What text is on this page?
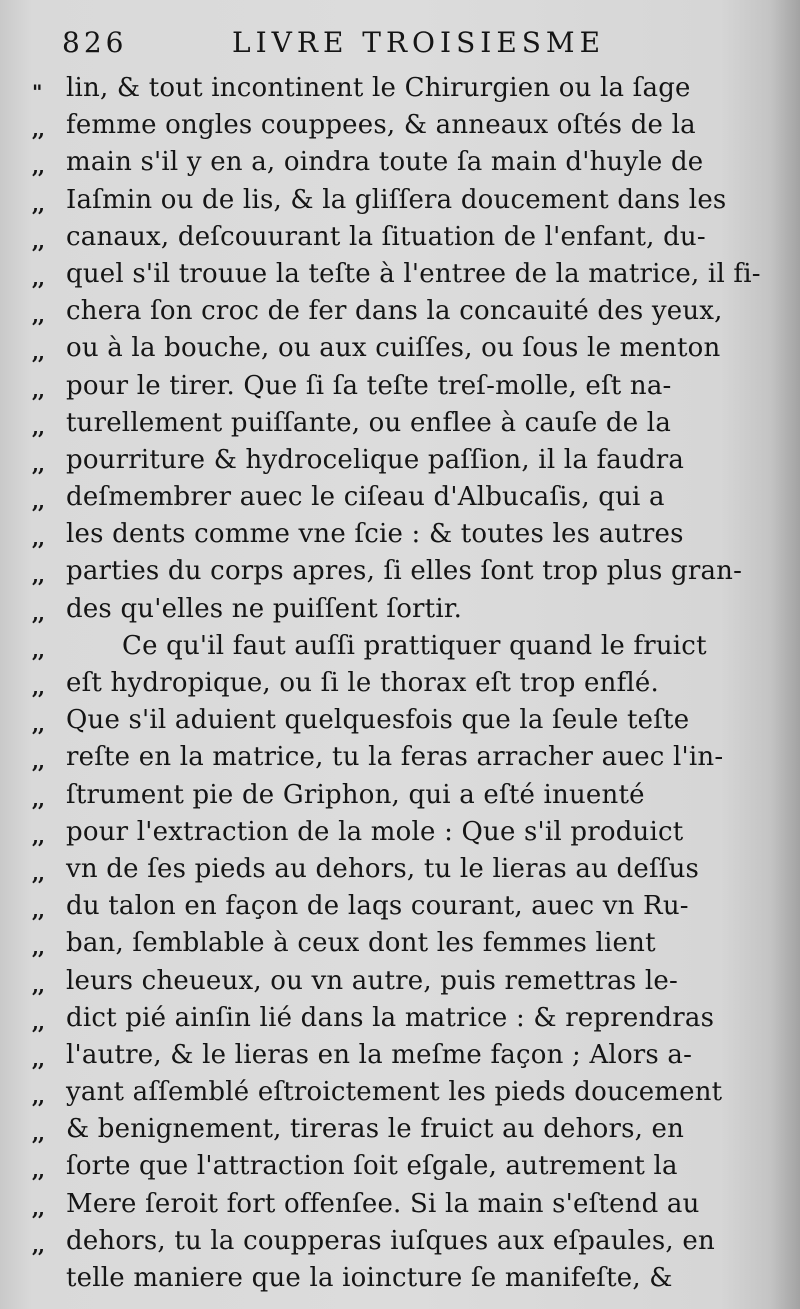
826	LIVRE TROISIESME
" lin, & tout incontinent le Chirurgien ou la ſage
,, femme ongles couppees, & anneaux oſtés de la
,, main s'il y en a, oindra toute ſa main d'huyle de
,, Iaſmin ou de lis, & la gliſſera doucement dans les
,, canaux, deſcouurant la ſituation de l'enfant, du-
,, quel s'il trouue la teſte à l'entree de la matrice, il fi-
,, chera ſon croc de fer dans la concauité des yeux,
,, ou à la bouche, ou aux cuiſſes, ou ſous le menton
,, pour le tirer. Que ſi ſa teſte treſ-molle, eſt na-
,, turellement puiſſante, ou enflee à cauſe de la
,, pourriture & hydrocelique paſſion, il la faudra
,, deſmembrer auec le ciſeau d'Albucaſis, qui a
,, les dents comme vne ſcie : & toutes les autres
,, parties du corps apres, ſi elles ſont trop plus gran-
,, des qu'elles ne puiſſent ſortir.
,,	Ce qu'il faut auſſi prattiquer quand le fruict
,, eſt hydropique, ou ſi le thorax eſt trop enflé.
,, Que s'il aduient quelquesfois que la ſeule teſte
,, reſte en la matrice, tu la feras arracher auec l'in-
,, ſtrument pie de Griphon, qui a eſté inuenté
,, pour l'extraction de la mole : Que s'il produict
,, vn de ſes pieds au dehors, tu le lieras au deſſus
,, du talon en façon de laqs courant, auec vn Ru-
,, ban, ſemblable à ceux dont les femmes lient
,, leurs cheueux, ou vn autre, puis remettras le-
,, dict pié ainſin lié dans la matrice : & reprendras
,, l'autre, & le lieras en la meſme façon ; Alors a-
,, yant aſſemblé eſtroictement les pieds doucement
,, & benignement, tireras le fruict au dehors, en
,, ſorte que l'attraction ſoit eſgale, autrement la
,, Mere ſeroit fort offenſee. Si la main s'eſtend au
,, dehors, tu la coupperas iuſques aux eſpaules, en
telle maniere que la ioincture ſe manifeſte, &
